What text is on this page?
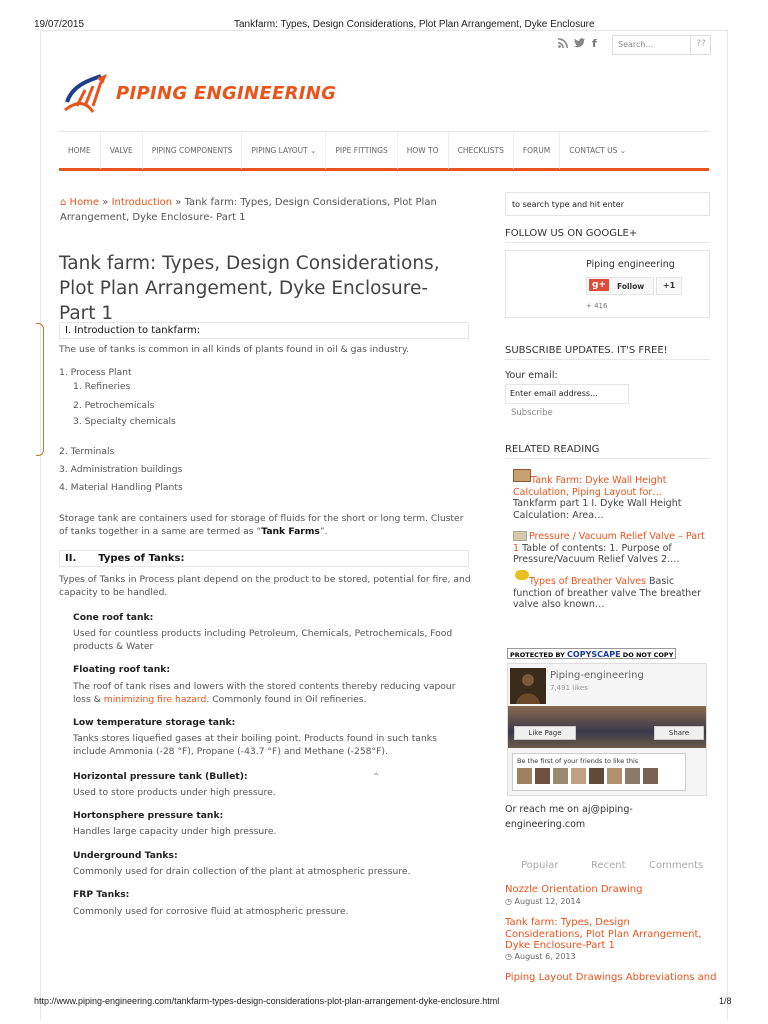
19/07/2015	Tankfarm: Types, Design Considerations, Plot Plan Arrangement, Dyke Enclosure
f	Search...	??
PIPING ENGINEERING
HOME	VALVE	PIPING COMPONENTS	PIPING LAYOUT ⌄	PIPE FITTINGS	HOW TO	CHECKLISTS	FORUM	CONTACT US ⌄
⌂ Home » Introduction » Tank farm: Types, Design Considerations, Plot Plan Arrangement, Dyke Enclosure- Part 1
Tank farm: Types, Design Considerations, Plot Plan Arrangement, Dyke Enclosure- Part 1
I. Introduction to tankfarm:
The use of tanks is common in all kinds of plants found in oil & gas industry.
1. Process Plant
1. Refineries
2. Petrochemicals
3. Specialty chemicals
2. Terminals
3. Administration buildings
4. Material Handling Plants
Storage tank are containers used for storage of fluids for the short or long term. Cluster of tanks together in a same are termed as “Tank Farms”.
II. Types of Tanks:
Types of Tanks in Process plant depend on the product to be stored, potential for fire, and capacity to be handled.
Cone roof tank:
Used for countless products including Petroleum, Chemicals, Petrochemicals, Food products & Water
Floating roof tank:
The roof of tank rises and lowers with the stored contents thereby reducing vapour loss & minimizing fire hazard. Commonly found in Oil refineries.
Low temperature storage tank:
Tanks stores liquefied gases at their boiling point. Products found in such tanks include Ammonia (-28 °F), Propane (-43.7 °F) and Methane (-258°F).
Horizontal pressure tank (Bullet):	⌃
Used to store products under high pressure.
Hortonsphere pressure tank:
Handles large capacity under high pressure.
Underground Tanks:
Commonly used for drain collection of the plant at atmospheric pressure.
FRP Tanks:
Commonly used for corrosive fluid at atmospheric pressure.
to search type and hit enter
FOLLOW US ON GOOGLE+
Piping engineering
g+	Follow	+1
+ 416
SUBSCRIBE UPDATES. IT'S FREE!
Your email:
Enter email address...
Subscribe
RELATED READING
Tank Farm: Dyke Wall Height Calculation, Piping Layout for…
Tankfarm part 1 I. Dyke Wall Height Calculation: Area…
Pressure / Vacuum Relief Valve – Part 1 Table of contents: 1. Purpose of Pressure/Vacuum Relief Valves 2.…
Types of Breather Valves Basic function of breather valve The breather valve also known…
PROTECTED BY COPYSCAPE DO NOT COPY
Piping-engineering
7,491 likes
Like Page	Share
Be the first of your friends to like this
Or reach me on aj@piping-engineering.com
Popular	Recent Comments
Nozzle Orientation Drawing
◷ August 12, 2014
Tank farm: Types, Design Considerations, Plot Plan Arrangement, Dyke Enclosure-Part 1
◷ August 6, 2013
Piping Layout Drawings Abbreviations and
http://www.piping-engineering.com/tankfarm-types-design-considerations-plot-plan-arrangement-dyke-enclosure.html	1/8
